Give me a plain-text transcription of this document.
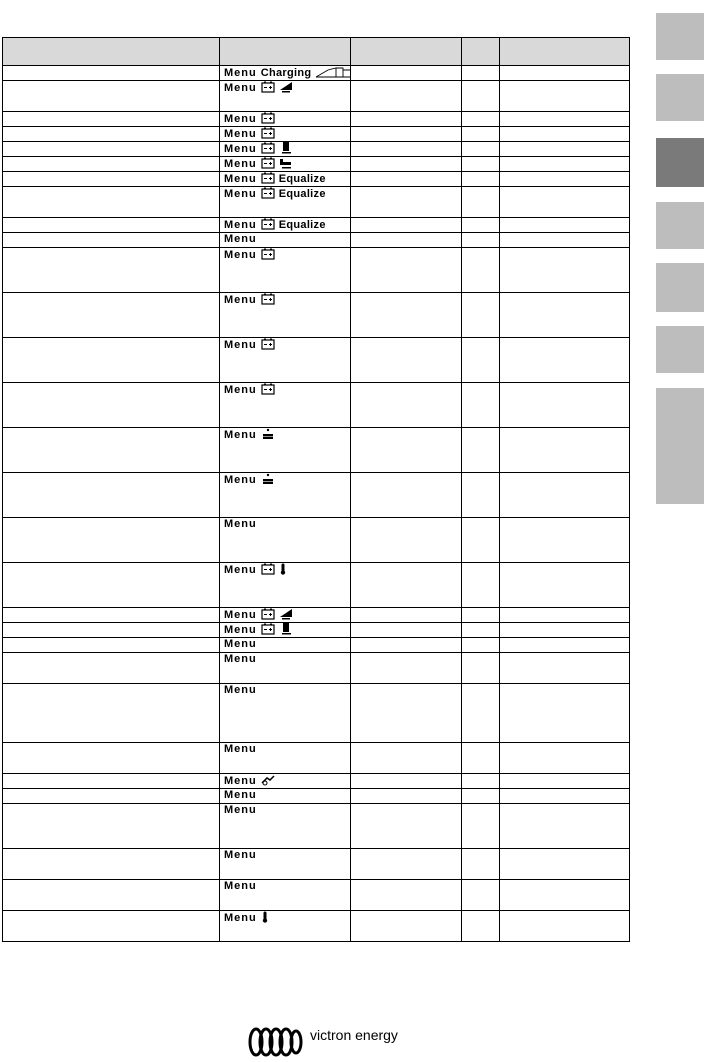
	Menu Charging			
	Menu			
	Menu			
	Menu			
	Menu			
	Menu			
	Menu Equalize			
	Menu Equalize			
	Menu Equalize			
	Menu			
	Menu			
	Menu			
	Menu			
	Menu			
	Menu			
	Menu			
	Menu			
	Menu			
	Menu			
	Menu			
	Menu			
	Menu			
	Menu			
	Menu			
	Menu			
	Menu			
	Menu			
	Menu			
	Menu			
	Menu			
victron energy
